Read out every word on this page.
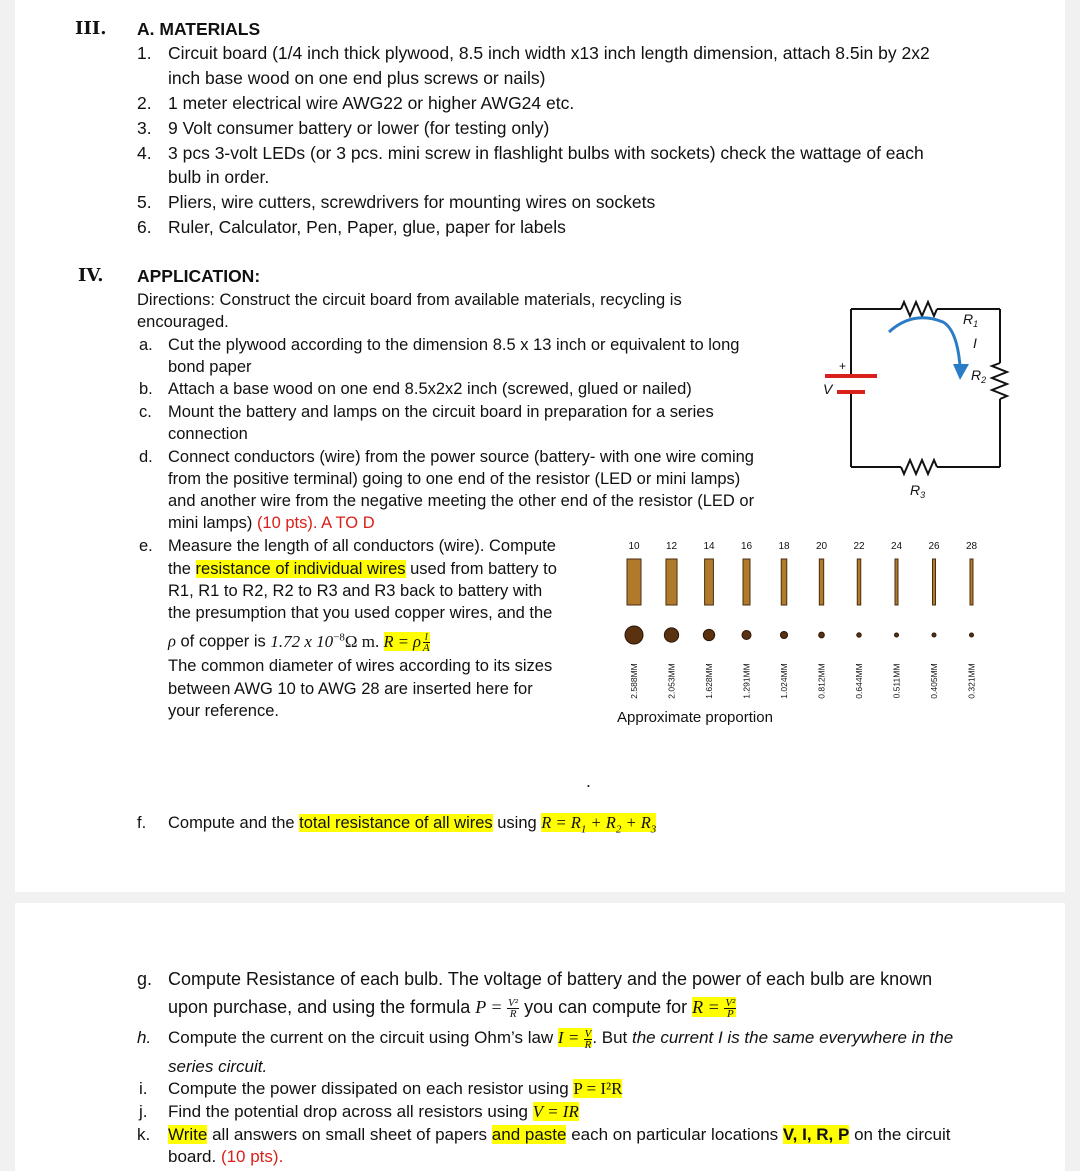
III. A. MATERIALS
1. Circuit board (1/4 inch thick plywood, 8.5 inch width x13 inch length dimension, attach 8.5in by 2x2
inch base wood on one end plus screws or nails)
2. 1 meter electrical wire AWG22 or higher AWG24 etc.
3. 9 Volt consumer battery or lower (for testing only)
4. 3 pcs 3-volt LEDs (or 3 pcs. mini screw in flashlight bulbs with sockets) check the wattage of each
bulb in order.
5. Pliers, wire cutters, screwdrivers for mounting wires on sockets
6. Ruler, Calculator, Pen, Paper, glue, paper for labels
IV. APPLICATION:
Directions: Construct the circuit board from available materials, recycling is
encouraged.
a. Cut the plywood according to the dimension 8.5 x 13 inch or equivalent to long
bond paper
b. Attach a base wood on one end 8.5x2x2 inch (screwed, glued or nailed)
c. Mount the battery and lamps on the circuit board in preparation for a series
connection
d. Connect conductors (wire) from the power source (battery- with one wire coming
from the positive terminal) going to one end of the resistor (LED or mini lamps)
and another wire from the negative meeting the other end of the resistor (LED or
mini lamps) (10 pts). A TO D
e. Measure the length of all conductors (wire). Compute
the resistance of individual wires used from battery to
R1, R1 to R2, R2 to R3 and R3 back to battery with
the presumption that you used copper wires, and the
ρ of copper is 1.72 x $10^{-8}\Omega$ m. R = ρ $\frac{l}{A}$
The common diameter of wires according to its sizes
between AWG 10 to AWG 28 are inserted here for
your reference.
.
f. Compute and the total resistance of all wires using $R = R_1 + R_2 + R_3$
+
V
$R_1$
I
$R_2$
$R_3$
Approximate proportion
10
2.588MM
12
2.053MM
14
1.628MM
16
1.291MM
18
1.024MM
20
0.812MM
22
0.644MM
24
0.511MM
26
0.405MM
28
0.321MM
g. Compute Resistance of each bulb. The voltage of battery and the power of each bulb are known
upon purchase, and using the formula $P = \frac{\text{V²}}{R}$ you can compute for $R = \frac{\text{V²}}{P}$
h. Compute the current on the circuit using Ohm’s law $I = \frac{V}{R}$ . But the current I is the same everywhere in the
series circuit.
i. Compute the power dissipated on each resistor using P = I²R
j. Find the potential drop across all resistors using V = IR
k. Write all answers on small sheet of papers and paste each on particular locations V, I, R, P on the circuit
board. (10 pts).
